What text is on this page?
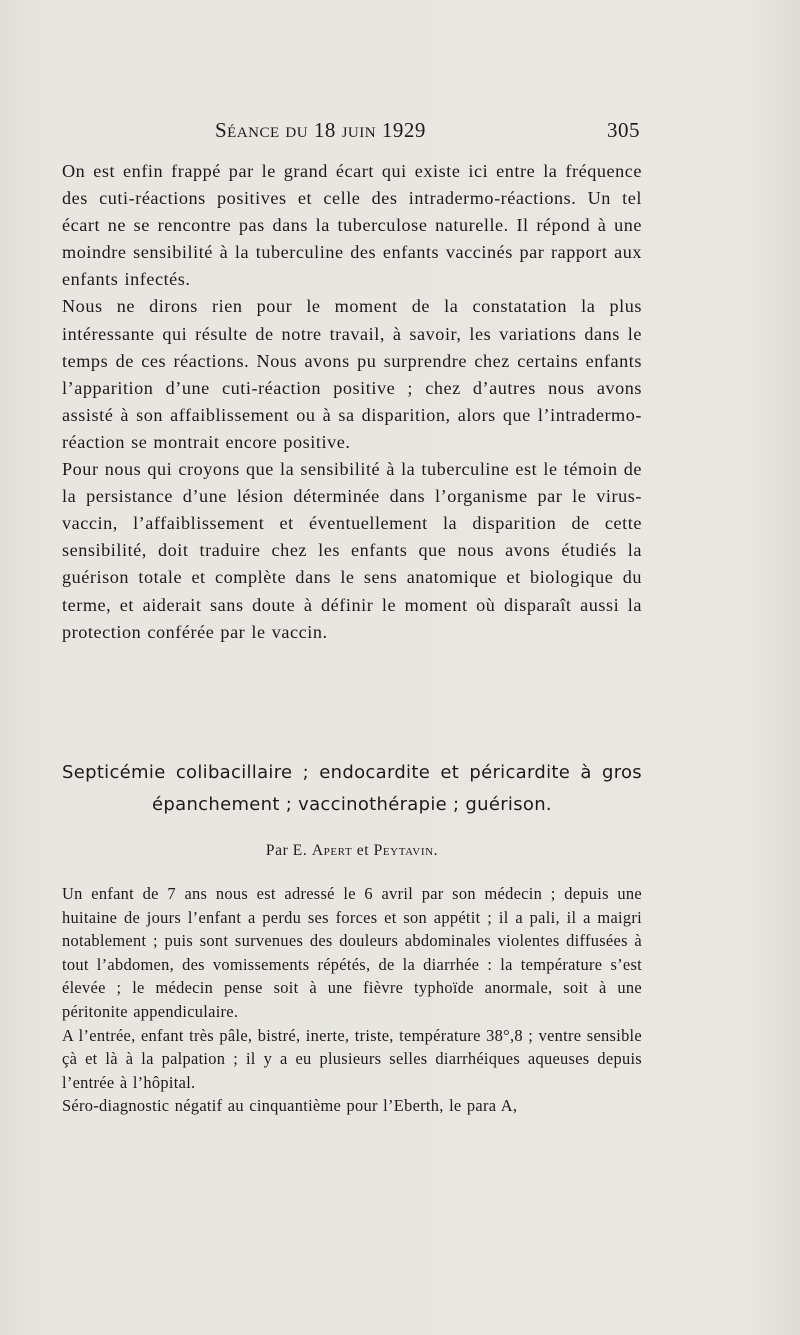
Séance du 18 juin 1929	305

On est enfin frappé par le grand écart qui existe ici entre la fréquence des cuti-réactions positives et celle des intradermo-réactions. Un tel écart ne se rencontre pas dans la tuberculose naturelle. Il répond à une moindre sensibilité à la tuberculine des enfants vaccinés par rapport aux enfants infectés.

Nous ne dirons rien pour le moment de la constatation la plus intéressante qui résulte de notre travail, à savoir, les variations dans le temps de ces réactions. Nous avons pu surprendre chez certains enfants l’apparition d’une cuti-réaction positive ; chez d’autres nous avons assisté à son affaiblissement ou à sa disparition, alors que l’intradermo-réaction se montrait encore positive.

Pour nous qui croyons que la sensibilité à la tuberculine est le témoin de la persistance d’une lésion déterminée dans l’organisme par le virus-vaccin, l’affaiblissement et éventuellement la disparition de cette sensibilité, doit traduire chez les enfants que nous avons étudiés la guérison totale et complète dans le sens anatomique et biologique du terme, et aiderait sans doute à définir le moment où disparaît aussi la protection conférée par le vaccin.

Septicémie colibacillaire ; endocardite et péricardite à gros
épanchement ; vaccinothérapie ; guérison.
Par E. Apert et Peytavin.

Un enfant de 7 ans nous est adressé le 6 avril par son médecin ; depuis une huitaine de jours l’enfant a perdu ses forces et son appétit ; il a pali, il a maigri notablement ; puis sont survenues des douleurs abdominales violentes diffusées à tout l’abdomen, des vomissements répétés, de la diarrhée : la température s’est élevée ; le médecin pense soit à une fièvre typhoïde anormale, soit à une péritonite appendiculaire.

A l’entrée, enfant très pâle, bistré, inerte, triste, température 38°,8 ; ventre sensible çà et là à la palpation ; il y a eu plusieurs selles diarrhéiques aqueuses depuis l’entrée à l’hôpital.

Séro-diagnostic négatif au cinquantième pour l’Eberth, le para A,
